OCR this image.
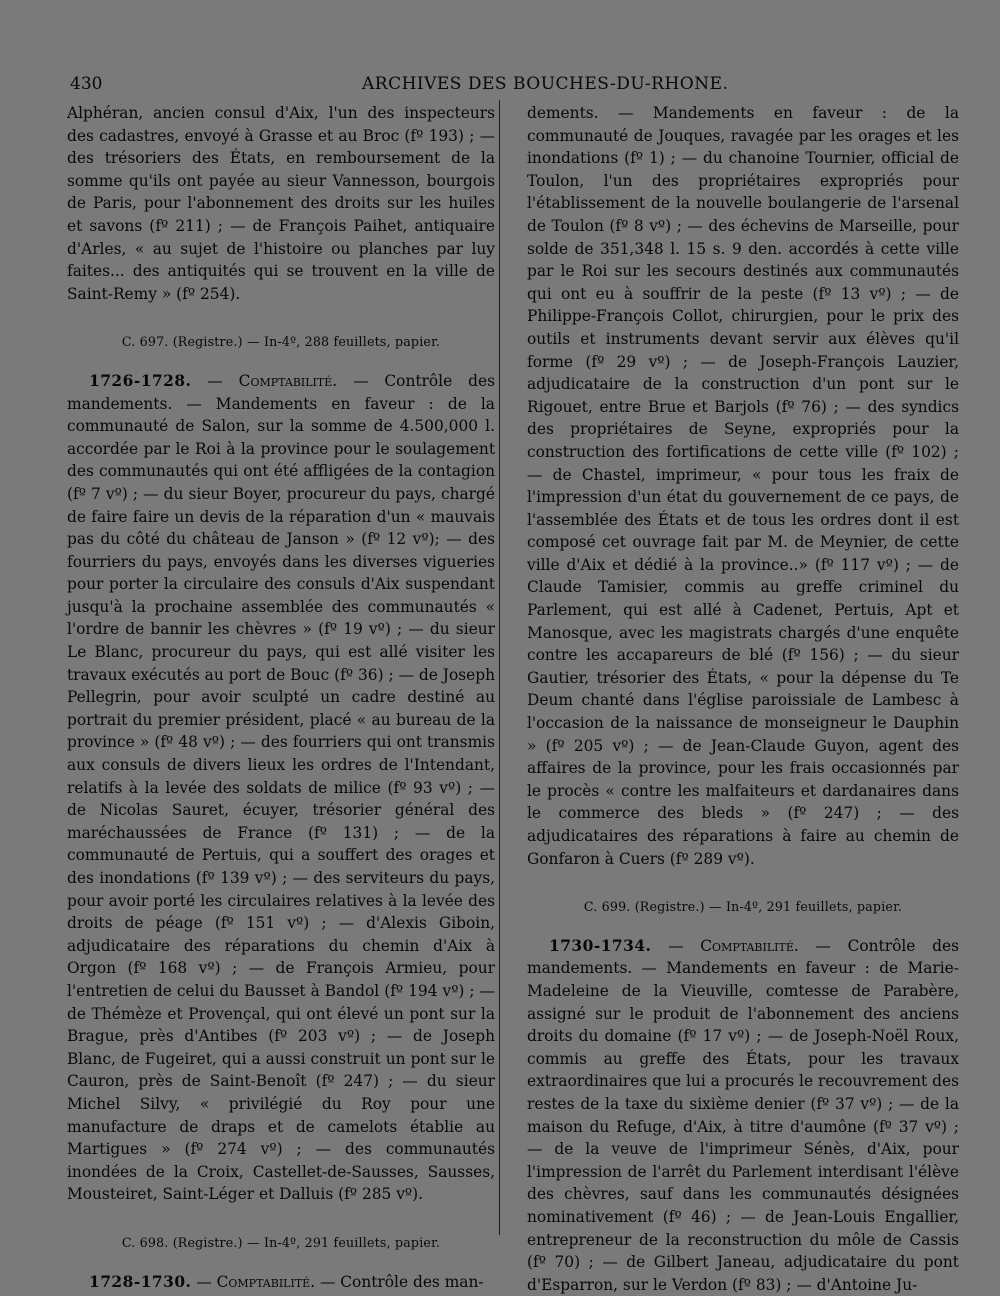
430	ARCHIVES DES BOUCHES-DU-RHONE.

Alphéran, ancien consul d'Aix, l'un des inspecteurs des cadastres, envoyé à Grasse et au Broc (fº 193) ; — des trésoriers des États, en remboursement de la somme qu'ils ont payée au sieur Vannesson, bourgois de Paris, pour l'abonnement des droits sur les huiles et savons (fº 211) ; — de François Paihet, antiquaire d'Arles, « au sujet de l'histoire ou planches par luy faites... des antiquités qui se trouvent en la ville de Saint-Remy » (fº 254).

C. 697. (Registre.) — In-4º, 288 feuillets, papier.

1726-1728. — Comptabilité. — Contrôle des mandements. — Mandements en faveur : de la communauté de Salon, sur la somme de 4.500,000 l. accordée par le Roi à la province pour le soulagement des communautés qui ont été affligées de la contagion (fº 7 vº) ; — du sieur Boyer, procureur du pays, chargé de faire faire un devis de la réparation d'un « mauvais pas du côté du château de Janson » (fº 12 vº); — des fourriers du pays, envoyés dans les diverses vigueries pour porter la circulaire des consuls d'Aix suspendant jusqu'à la prochaine assemblée des communautés « l'ordre de bannir les chèvres » (fº 19 vº) ; — du sieur Le Blanc, procureur du pays, qui est allé visiter les travaux exécutés au port de Bouc (fº 36) ; — de Joseph Pellegrin, pour avoir sculpté un cadre destiné au portrait du premier président, placé « au bureau de la province » (fº 48 vº) ; — des fourriers qui ont transmis aux consuls de divers lieux les ordres de l'Intendant, relatifs à la levée des soldats de milice (fº 93 vº) ; — de Nicolas Sauret, écuyer, trésorier général des maréchaussées de France (fº 131) ; — de la communauté de Pertuis, qui a souffert des orages et des inondations (fº 139 vº) ; — des serviteurs du pays, pour avoir porté les circulaires relatives à la levée des droits de péage (fº 151 vº) ; — d'Alexis Giboin, adjudicataire des réparations du chemin d'Aix à Orgon (fº 168 vº) ; — de François Armieu, pour l'entretien de celui du Bausset à Bandol (fº 194 vº) ; — de Thémèze et Provençal, qui ont élevé un pont sur la Brague, près d'Antibes (fº 203 vº) ; — de Joseph Blanc, de Fugeiret, qui a aussi construit un pont sur le Cauron, près de Saint-Benoît (fº 247) ; — du sieur Michel Silvy, « privilégié du Roy pour une manufacture de draps et de camelots établie au Martigues » (fº 274 vº) ; — des communautés inondées de la Croix, Castellet-de-Sausses, Sausses, Mousteiret, Saint-Léger et Dalluis (fº 285 vº).

C. 698. (Registre.) — In-4º, 291 feuillets, papier.

1728-1730. — Comptabilité. — Contrôle des man-

dements. — Mandements en faveur : de la communauté de Jouques, ravagée par les orages et les inondations (fº 1) ; — du chanoine Tournier, official de Toulon, l'un des propriétaires expropriés pour l'établissement de la nouvelle boulangerie de l'arsenal de Toulon (fº 8 vº) ; — des échevins de Marseille, pour solde de 351,348 l. 15 s. 9 den. accordés à cette ville par le Roi sur les secours destinés aux communautés qui ont eu à souffrir de la peste (fº 13 vº) ; — de Philippe-François Collot, chirurgien, pour le prix des outils et instruments devant servir aux élèves qu'il forme (fº 29 vº) ; — de Joseph-François Lauzier, adjudicataire de la construction d'un pont sur le Rigouet, entre Brue et Barjols (fº 76) ; — des syndics des propriétaires de Seyne, expropriés pour la construction des fortifications de cette ville (fº 102) ; — de Chastel, imprimeur, « pour tous les fraix de l'impression d'un état du gouvernement de ce pays, de l'assemblée des États et de tous les ordres dont il est composé cet ouvrage fait par M. de Meynier, de cette ville d'Aix et dédié à la province..» (fº 117 vº) ; — de Claude Tamisier, commis au greffe criminel du Parlement, qui est allé à Cadenet, Pertuis, Apt et Manosque, avec les magistrats chargés d'une enquête contre les accapareurs de blé (fº 156) ; — du sieur Gautier, trésorier des États, « pour la dépense du Te Deum chanté dans l'église paroissiale de Lambesc à l'occasion de la naissance de monseigneur le Dauphin » (fº 205 vº) ; — de Jean-Claude Guyon, agent des affaires de la province, pour les frais occasionnés par le procès « contre les malfaiteurs et dardanaires dans le commerce des bleds » (fº 247) ; — des adjudicataires des réparations à faire au chemin de Gonfaron à Cuers (fº 289 vº).

C. 699. (Registre.) — In-4º, 291 feuillets, papier.

1730-1734. — Comptabilité. — Contrôle des mandements. — Mandements en faveur : de Marie-Madeleine de la Vieuville, comtesse de Parabère, assigné sur le produit de l'abonnement des anciens droits du domaine (fº 17 vº) ; — de Joseph-Noël Roux, commis au greffe des États, pour les travaux extraordinaires que lui a procurés le recouvrement des restes de la taxe du sixième denier (fº 37 vº) ; — de la maison du Refuge, d'Aix, à titre d'aumône (fº 37 vº) ; — de la veuve de l'imprimeur Sénès, d'Aix, pour l'impression de l'arrêt du Parlement interdisant l'élève des chèvres, sauf dans les communautés désignées nominativement (fº 46) ; — de Jean-Louis Engallier, entrepreneur de la reconstruction du môle de Cassis (fº 70) ; — de Gilbert Janeau, adjudicataire du pont d'Esparron, sur le Verdon (fº 83) ; — d'Antoine Ju-
